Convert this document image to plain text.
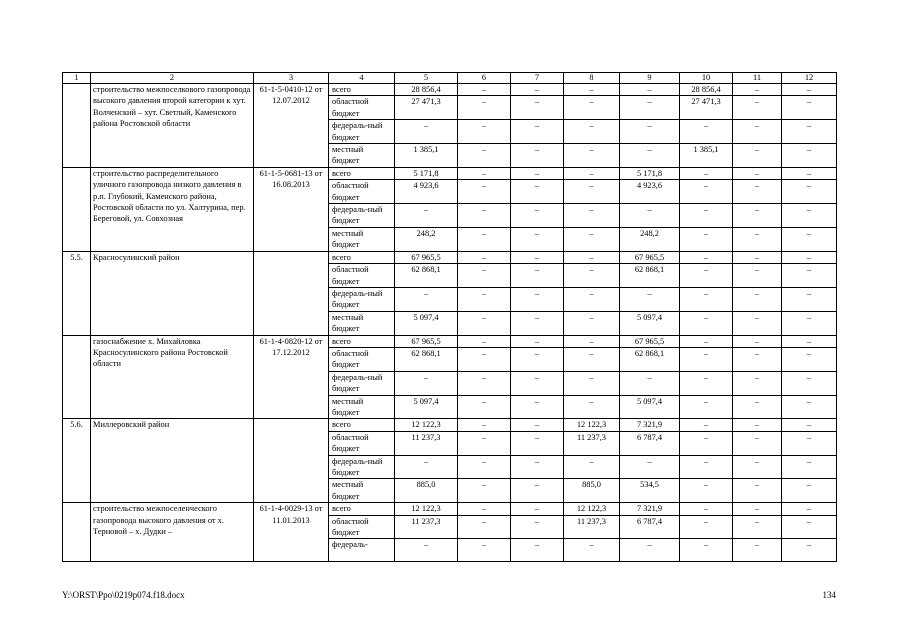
1	2	3	4	5	6	7	8	9	10	11	12
	строительство межпоселкового газопровода высокого давления второй категории к хут. Волченский – хут. Светлый, Каменского района Ростовской области	61-1-5-0410-12 от 12.07.2012	всего	28 856,4	–	–	–	–	28 856,4	–	–
			областной бюджет	27 471,3	–	–	–	–	27 471,3	–	–
			федераль-ный бюджет	–	–	–	–	–	–	–	–
			местный бюджет	1 385,1	–	–	–	–	1 385,1	–	–
	строительство распределительного уличного газопровода низкого давления в р.п. Глубокий, Каменского района, Ростовской области по ул. Халтурина, пер. Береговой, ул. Совхозная	61-1-5-0681-13 от 16.08.2013	всего	5 171,8	–	–	–	5 171,8	–	–	–
			областной бюджет	4 923,6	–	–	–	4 923,6	–	–	–
			федераль-ный бюджет	–	–	–	–	–	–	–	–
			местный бюджет	248,2	–	–	–	248,2	–	–	–
5.5.	Красносулинский район		всего	67 965,5	–	–	–	67 965,5	–	–	–
			областной бюджет	62 868,1	–	–	–	62 868,1	–	–	–
			федераль-ный бюджет	–	–	–	–	–	–	–	–
			местный бюджет	5 097,4	–	–	–	5 097,4	–	–	–
	газоснабжение х. Михайловка Красносулинского района Ростовской области	61-1-4-0820-12 от 17.12.2012	всего	67 965,5	–	–	–	67 965,5	–	–	–
			областной бюджет	62 868,1	–	–	–	62 868,1	–	–	–
			федераль-ный бюджет	–	–	–	–	–	–	–	–
			местный бюджет	5 097,4	–	–	–	5 097,4	–	–	–
5.6.	Миллеровский район		всего	12 122,3	–	–	12 122,3	7 321,9	–	–	–
			областной бюджет	11 237,3	–	–	11 237,3	6 787,4	–	–	–
			федераль-ный бюджет	–	–	–	–	–	–	–	–
			местный бюджет	885,0	–	–	885,0	534,5	–	–	–
	строительство межпоселенческого газопровода высокого давления от х. Терновой – х. Дудки –	61-1-4-0029-13 от 11.01.2013	всего	12 122,3	–	–	12 122,3	7 321,9	–	–	–
			областной бюджет	11 237,3	–	–	11 237,3	6 787,4	–	–	–
			федераль-	–	–	–	–	–	–	–	–
Y:\ORST\Ppo\0219p074.f18.docx	134
